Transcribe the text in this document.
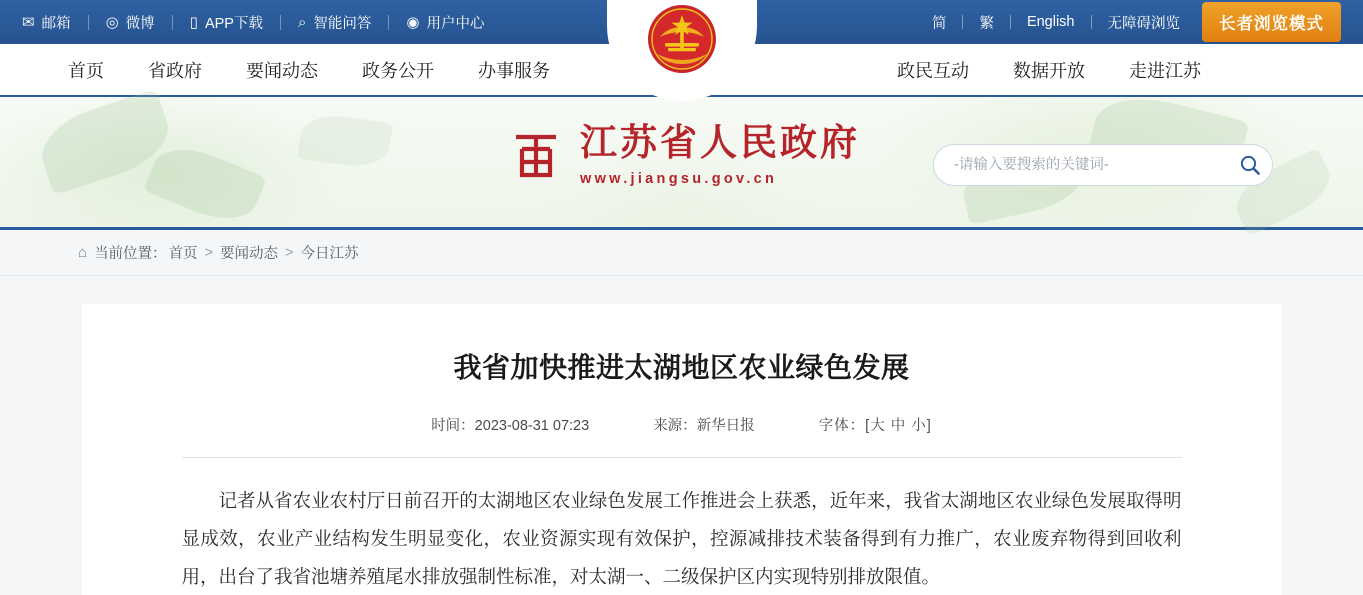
✉ 邮箱 ◎ 微博 ▯ APP下载 ⌕ 智能问答 ◉ 用户中心	简 繁 English 无障碍浏览	长者浏览模式
首页	省政府	要闻动态	政务公开	办事服务	政民互动	数据开放	走进江苏
江苏省人民政府
www.jiangsu.gov.cn
-请输入要搜索的关键词-
⌂ 当前位置： 首页 > 要闻动态 > 今日江苏
我省加快推进太湖地区农业绿色发展
时间：2023-08-31 07:23	来源：新华日报	字体：[大 中 小]
记者从省农业农村厅日前召开的太湖地区农业绿色发展工作推进会上获悉，近年来，我省太湖地区农业绿色发展取得明显成效，农业产业结构发生明显变化，农业资源实现有效保护，控源减排技术装备得到有力推广，农业废弃物得到回收利用，出台了我省池塘养殖尾水排放强制性标准，对太湖一、二级保护区内实现特别排放限值。
